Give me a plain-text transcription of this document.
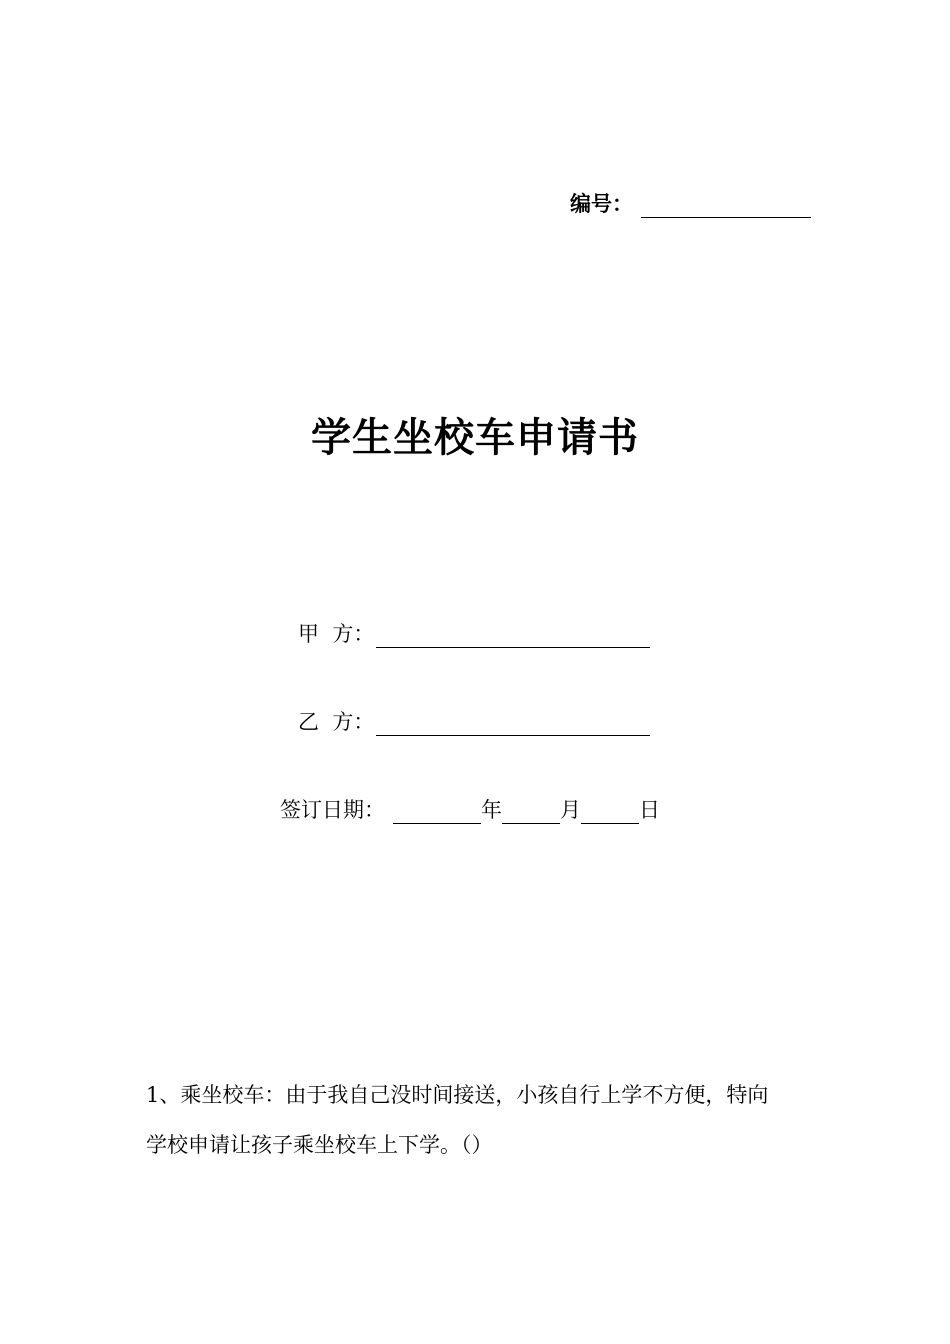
编号：
学生坐校车申请书
甲  方：
乙  方：
签订日期：	年	月	日

1、乘坐校车：由于我自己没时间接送，小孩自行上学不方便，特向

学校申请让孩子乘坐校车上下学。（）
